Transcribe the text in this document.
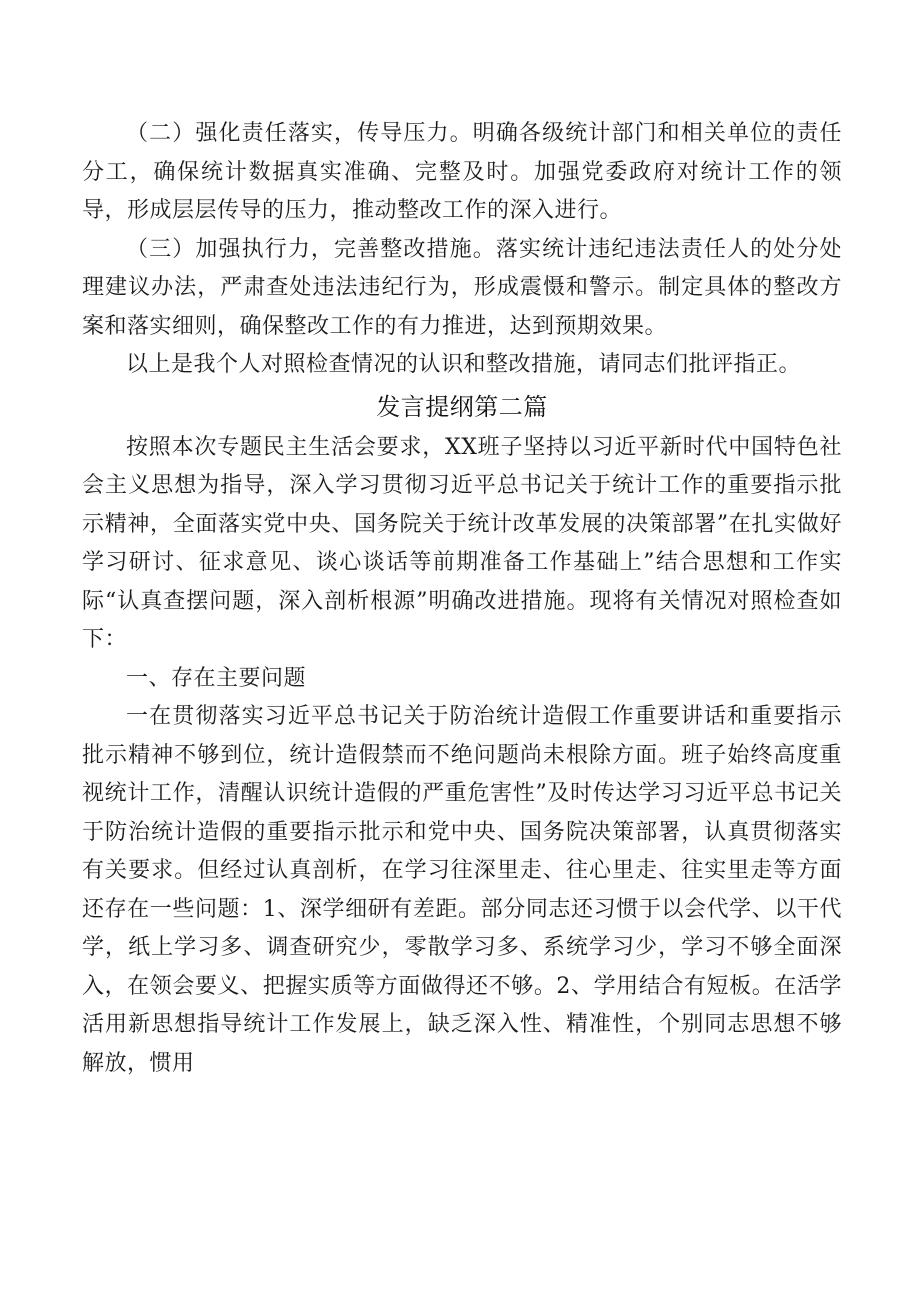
（二）强化责任落实，传导压力。明确各级统计部门和相关单位的责任分工，确保统计数据真实准确、完整及时。加强党委政府对统计工作的领导，形成层层传导的压力，推动整改工作的深入进行。

（三）加强执行力，完善整改措施。落实统计违纪违法责任人的处分处理建议办法，严肃查处违法违纪行为，形成震慑和警示。制定具体的整改方案和落实细则，确保整改工作的有力推进，达到预期效果。

以上是我个人对照检查情况的认识和整改措施，请同志们批评指正。

发言提纲第二篇

按照本次专题民主生活会要求，XX班子坚持以习近平新时代中国特色社会主义思想为指导，深入学习贯彻习近平总书记关于统计工作的重要指示批示精神，全面落实党中央、国务院关于统计改革发展的决策部署”在扎实做好学习研讨、征求意见、谈心谈话等前期准备工作基础上”结合思想和工作实际“认真查摆问题，深入剖析根源”明确改进措施。现将有关情况对照检查如下：

一、存在主要问题

一在贯彻落实习近平总书记关于防治统计造假工作重要讲话和重要指示批示精神不够到位，统计造假禁而不绝问题尚未根除方面。班子始终高度重视统计工作，清醒认识统计造假的严重危害性”及时传达学习习近平总书记关于防治统计造假的重要指示批示和党中央、国务院决策部署，认真贯彻落实有关要求。但经过认真剖析，在学习往深里走、往心里走、往实里走等方面还存在一些问题：1、深学细研有差距。部分同志还习惯于以会代学、以干代学，纸上学习多、调查研究少，零散学习多、系统学习少，学习不够全面深入，在领会要义、把握实质等方面做得还不够。2、学用结合有短板。在活学活用新思想指导统计工作发展上，缺乏深入性、精准性，个别同志思想不够解放，惯用
